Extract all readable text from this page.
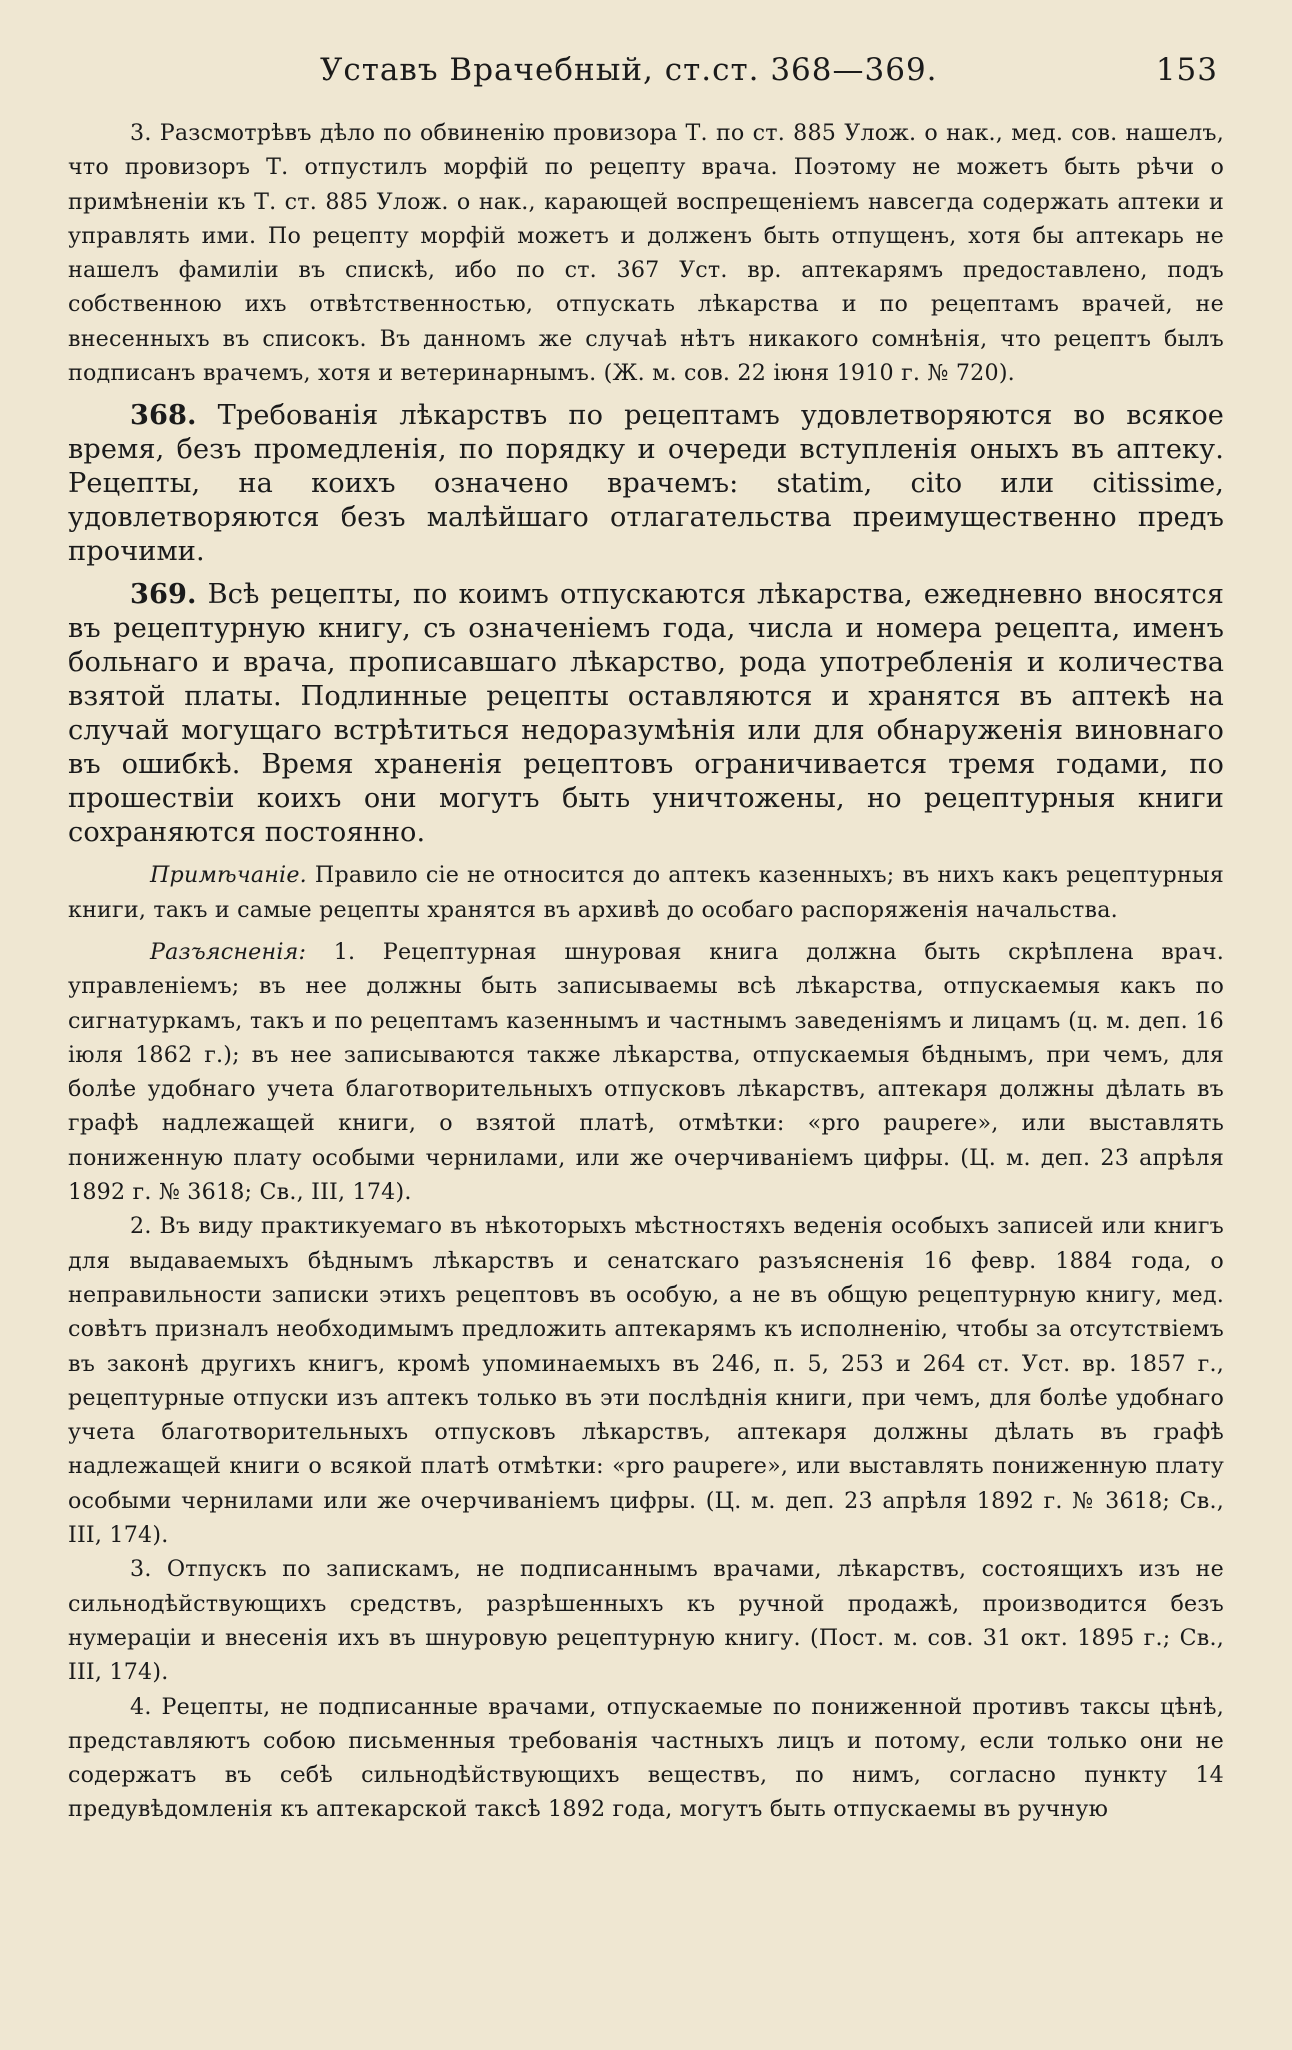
Уставъ Врачебный, ст.ст. 368—369.	153

3. Разсмотрѣвъ дѣло по обвиненію провизора Т. по ст. 885 Улож. о нак., мед. сов. нашелъ, что провизоръ Т. отпустилъ морфій по рецепту врача. Поэтому не можетъ быть рѣчи о примѣненіи къ Т. ст. 885 Улож. о нак., карающей воспрещеніемъ навсегда содержать аптеки и управлять ими. По рецепту морфій можетъ и долженъ быть отпущенъ, хотя бы аптекарь не нашелъ фамиліи въ спискѣ, ибо по ст. 367 Уст. вр. аптекарямъ предоставлено, подъ собственною ихъ отвѣтственностью, отпускать лѣкарства и по рецептамъ врачей, не внесенныхъ въ списокъ. Въ данномъ же случаѣ нѣтъ никакого сомнѣнія, что рецептъ былъ подписанъ врачемъ, хотя и ветеринарнымъ. (Ж. м. сов. 22 іюня 1910 г. № 720).

368. Требованія лѣкарствъ по рецептамъ удовлетворяются во всякое время, безъ промедленія, по порядку и очереди вступленія оныхъ въ аптеку. Рецепты, на коихъ означено врачемъ: statim, cito или citissime, удовлетворяются безъ малѣйшаго отлагательства преимущественно предъ прочими.

369. Всѣ рецепты, по коимъ отпускаются лѣкарства, ежедневно вносятся въ рецептурную книгу, съ означеніемъ года, числа и номера рецепта, именъ больнаго и врача, прописавшаго лѣкарство, рода употребленія и количества взятой платы. Подлинные рецепты оставляются и хранятся въ аптекѣ на случай могущаго встрѣтиться недоразумѣнія или для обнаруженія виновнаго въ ошибкѣ. Время храненія рецептовъ ограничивается тремя годами, по прошествіи коихъ они могутъ быть уничтожены, но рецептурныя книги сохраняются постоянно.

Примѣчаніе. Правило сіе не относится до аптекъ казенныхъ; въ нихъ какъ рецептурныя книги, такъ и самые рецепты хранятся въ архивѣ до особаго распоряженія начальства.

Разъясненія: 1. Рецептурная шнуровая книга должна быть скрѣплена врач. управленіемъ; въ нее должны быть записываемы всѣ лѣкарства, отпускаемыя какъ по сигнатуркамъ, такъ и по рецептамъ казеннымъ и частнымъ заведеніямъ и лицамъ (ц. м. деп. 16 іюля 1862 г.); въ нее записываются также лѣкарства, отпускаемыя бѣднымъ, при чемъ, для болѣе удобнаго учета благотворительныхъ отпусковъ лѣкарствъ, аптекаря должны дѣлать въ графѣ надлежащей книги, о взятой платѣ, отмѣтки: «pro paupere», или выставлять пониженную плату особыми чернилами, или же очерчиваніемъ цифры. (Ц. м. деп. 23 апрѣля 1892 г. № 3618; Св., III, 174).

2. Въ виду практикуемаго въ нѣкоторыхъ мѣстностяхъ веденія особыхъ записей или книгъ для выдаваемыхъ бѣднымъ лѣкарствъ и сенатскаго разъясненія 16 февр. 1884 года, о неправильности записки этихъ рецептовъ въ особую, а не въ общую рецептурную книгу, мед. совѣтъ призналъ необходимымъ предложить аптекарямъ къ исполненію, чтобы за отсутствіемъ въ законѣ другихъ книгъ, кромѣ упоминаемыхъ въ 246, п. 5, 253 и 264 ст. Уст. вр. 1857 г., рецептурные отпуски изъ аптекъ только въ эти послѣднія книги, при чемъ, для болѣе удобнаго учета благотворительныхъ отпусковъ лѣкарствъ, аптекаря должны дѣлать въ графѣ надлежащей книги о всякой платѣ отмѣтки: «pro paupere», или выставлять пониженную плату особыми чернилами или же очерчиваніемъ цифры. (Ц. м. деп. 23 апрѣля 1892 г. № 3618; Св., III, 174).

3. Отпускъ по запискамъ, не подписаннымъ врачами, лѣкарствъ, состоящихъ изъ не сильнодѣйствующихъ средствъ, разрѣшенныхъ къ ручной продажѣ, производится безъ нумераціи и внесенія ихъ въ шнуровую рецептурную книгу. (Пост. м. сов. 31 окт. 1895 г.; Св., III, 174).

4. Рецепты, не подписанные врачами, отпускаемые по пониженной противъ таксы цѣнѣ, представляютъ собою письменныя требованія частныхъ лицъ и потому, если только они не содержатъ въ себѣ сильнодѣйствующихъ веществъ, по нимъ, согласно пункту 14 предувѣдомленія къ аптекарской таксѣ 1892 года, могутъ быть отпускаемы въ ручную
